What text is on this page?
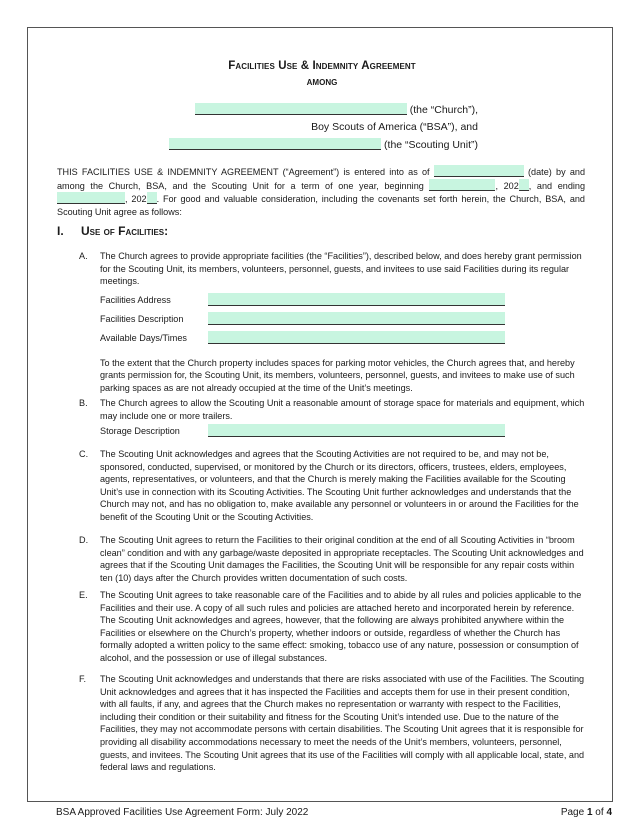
Facilities Use & Indemnity Agreement
AMONG
(the “Church”),
Boy Scouts of America (“BSA”), and
(the “Scouting Unit”)
THIS FACILITIES USE & INDEMNITY AGREEMENT (“Agreement”) is entered into as of	(date) by and among the Church, BSA, and the Scouting Unit for a term of one year, beginning	, 202 , and ending , 202 . For good and valuable consideration, including the covenants set forth herein, the Church, BSA, and Scouting Unit agree as follows:
I. Use of Facilities:
A.	The Church agrees to provide appropriate facilities (the “Facilities”), described below, and does hereby grant permission for the Scouting Unit, its members, volunteers, personnel, guests, and invitees to use said Facilities during its regular meetings.

Facilities Address
Facilities Description
Available Days/Times

To the extent that the Church property includes spaces for parking motor vehicles, the Church agrees that, and hereby grants permission for, the Scouting Unit, its members, volunteers, personnel, guests, and invitees to make use of such parking spaces as are not already occupied at the time of the Unit’s meetings.

B.	The Church agrees to allow the Scouting Unit a reasonable amount of storage space for materials and equipment, which may include one or more trailers.

Storage Description
C.	The Scouting Unit acknowledges and agrees that the Scouting Activities are not required to be, and may not be, sponsored, conducted, supervised, or monitored by the Church or its directors, officers, trustees, elders, employees, agents, representatives, or volunteers, and that the Church is merely making the Facilities available for the Scouting Unit’s use in connection with its Scouting Activities. The Scouting Unit further acknowledges and understands that the Church may not, and has no obligation to, make available any personnel or volunteers in or around the Facilities for the benefit of the Scouting Unit or the Scouting Activities.

D.	The Scouting Unit agrees to return the Facilities to their original condition at the end of all Scouting Activities in “broom clean” condition and with any garbage/waste deposited in appropriate receptacles. The Scouting Unit acknowledges and agrees that if the Scouting Unit damages the Facilities, the Scouting Unit will be responsible for any repair costs within ten (10) days after the Church provides written documentation of such costs.

E.	The Scouting Unit agrees to take reasonable care of the Facilities and to abide by all rules and policies applicable to the Facilities and their use. A copy of all such rules and policies are attached hereto and incorporated herein by reference. The Scouting Unit acknowledges and agrees, however, that the following are always prohibited anywhere within the Facilities or elsewhere on the Church’s property, whether indoors or outside, regardless of whether the Church has formally adopted a written policy to the same effect: smoking, tobacco use of any nature, possession or consumption of alcohol, and the possession or use of illegal substances.

F.	The Scouting Unit acknowledges and understands that there are risks associated with use of the Facilities. The Scouting Unit acknowledges and agrees that it has inspected the Facilities and accepts them for use in their present condition, with all faults, if any, and agrees that the Church makes no representation or warranty with respect to the Facilities, including their condition or their suitability and fitness for the Scouting Unit’s intended use. Due to the nature of the Facilities, they may not accommodate persons with certain disabilities. The Scouting Unit agrees that it is responsible for providing all disability accommodations necessary to meet the needs of the Unit’s members, volunteers, personnel, guests, and invitees. The Scouting Unit agrees that its use of the Facilities will comply with all applicable local, state, and federal laws and regulations.

BSA Approved Facilities Use Agreement Form: July 2022	Page 1 of 4
